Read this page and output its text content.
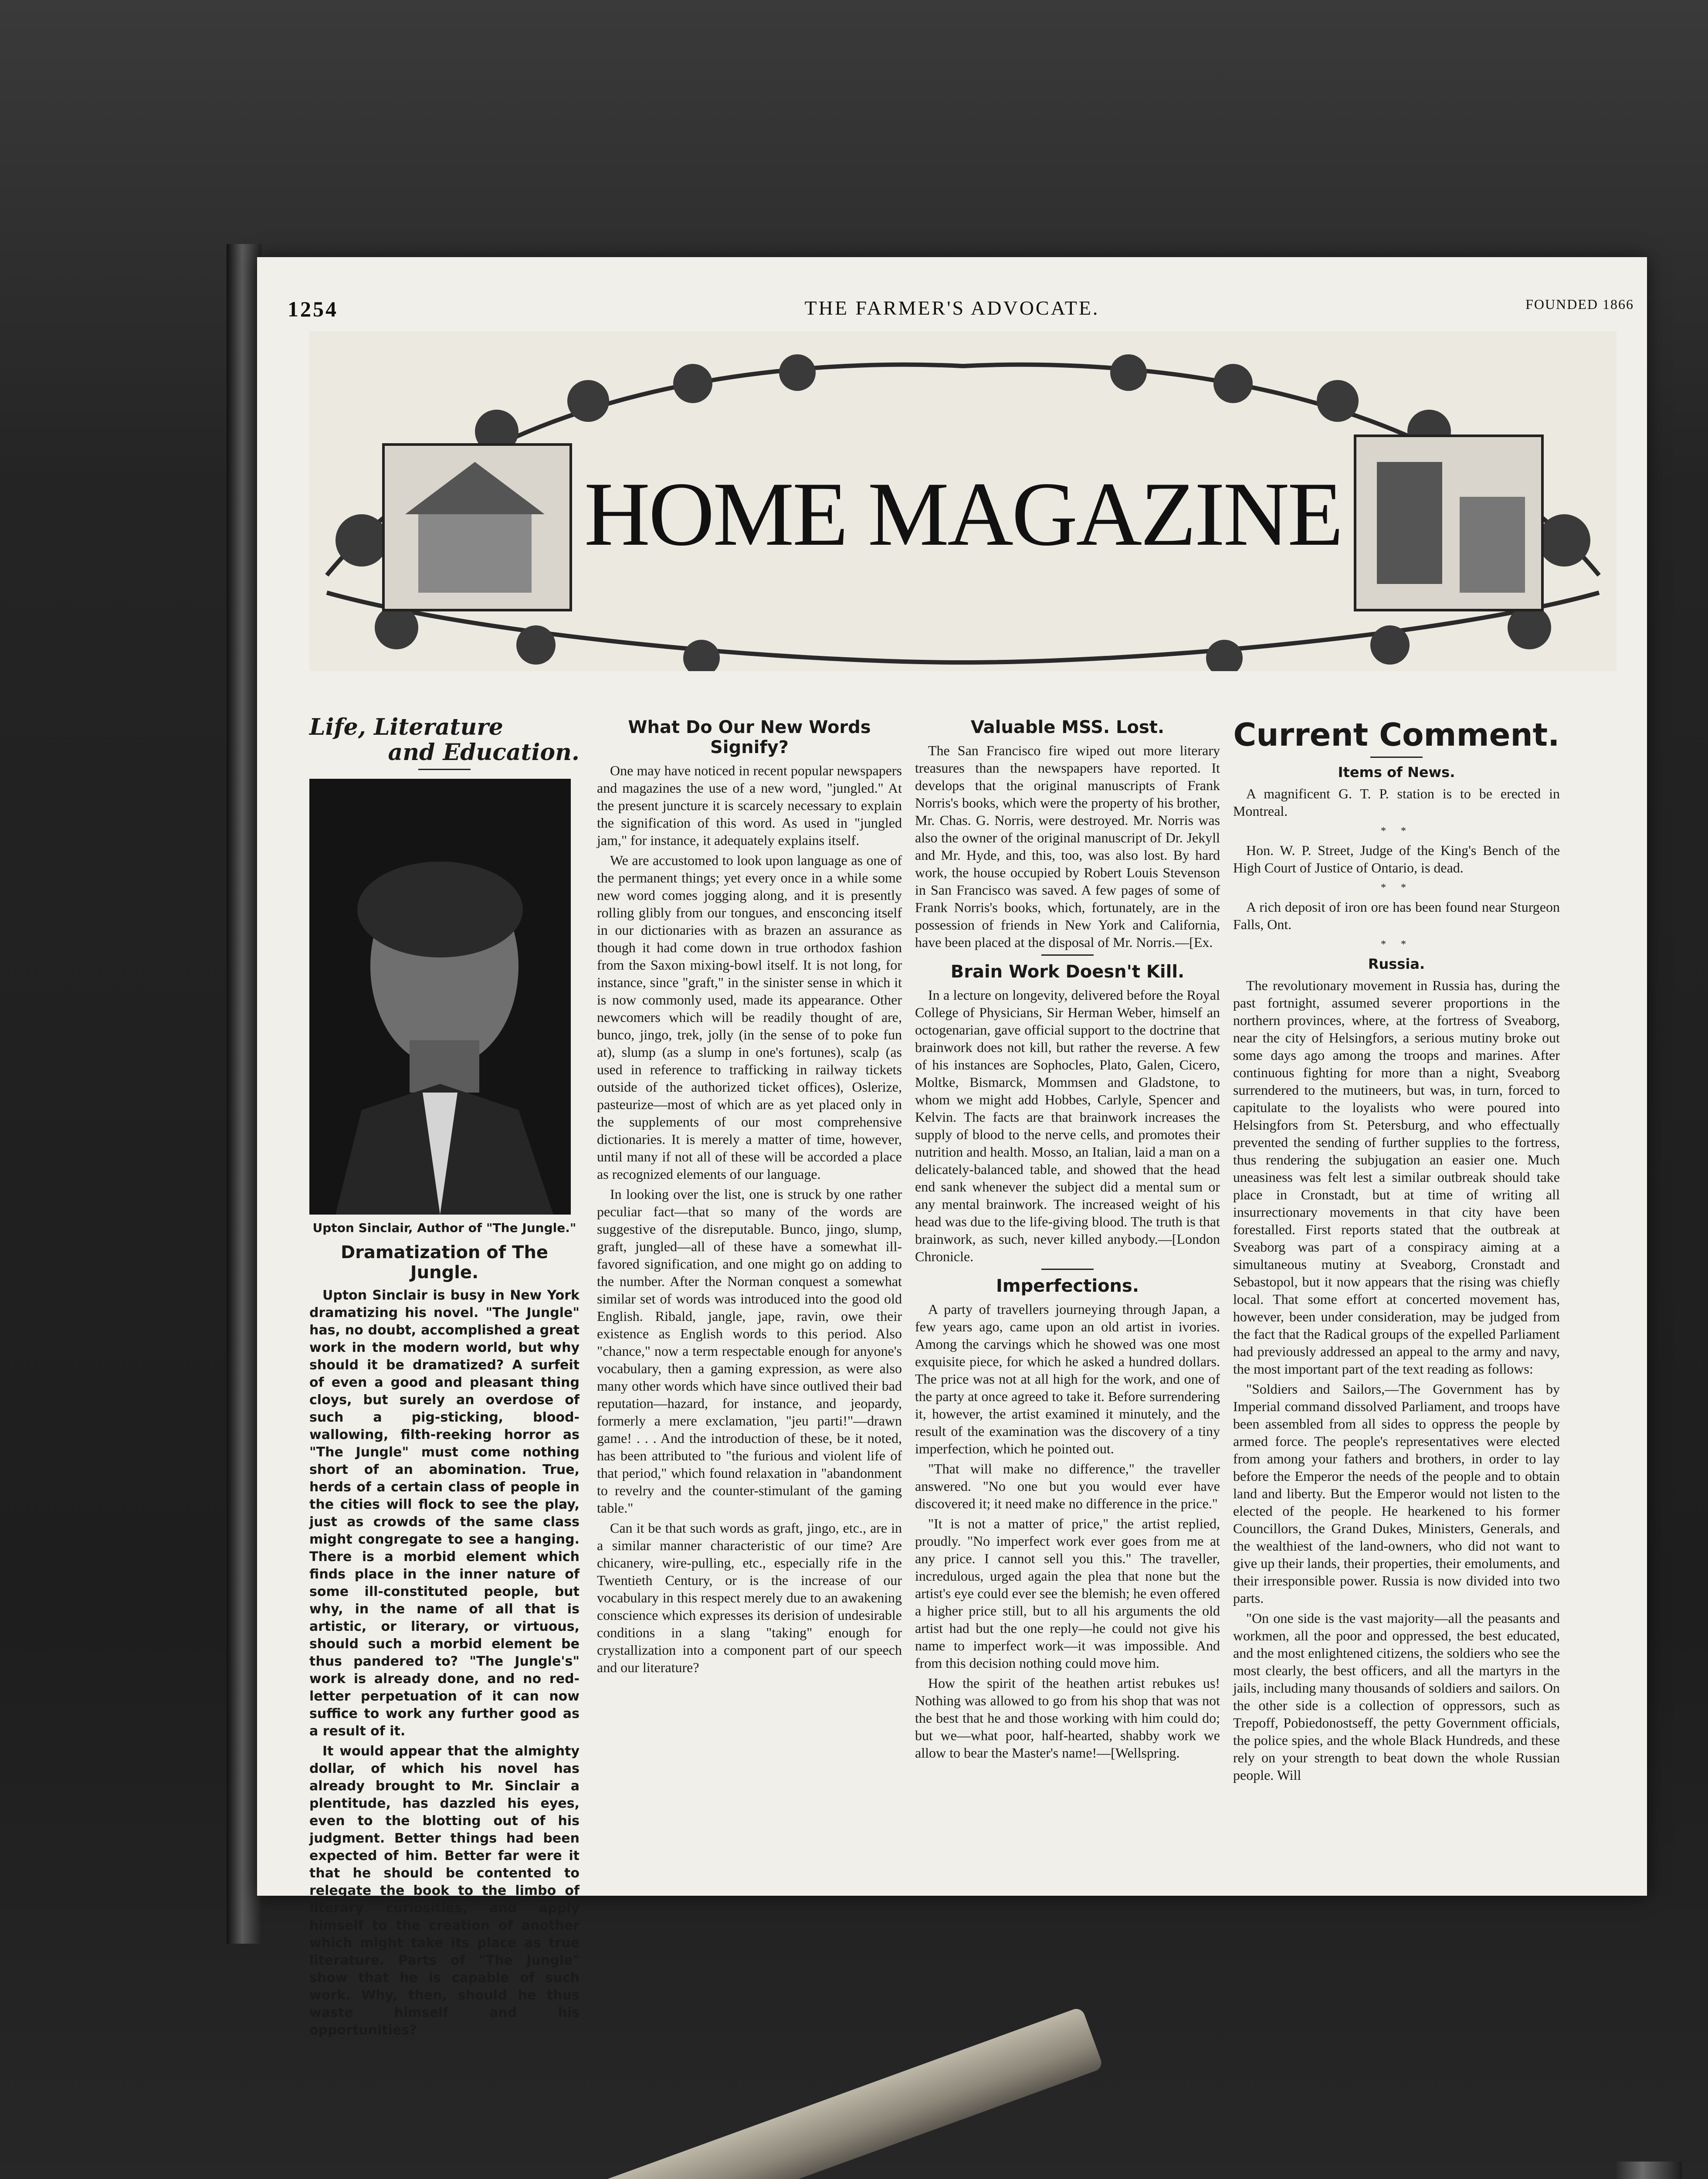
1254	THE FARMER'S ADVOCATE.	FOUNDED 1866
HOME MAGAZINE
Life, Literature
and Education.
Upton Sinclair, Author of "The Jungle."
Dramatization of The Jungle.

Upton Sinclair is busy in New York dramatizing his novel. "The Jungle" has, no doubt, accomplished a great work in the modern world, but why should it be dramatized? A surfeit of even a good and pleasant thing cloys, but surely an overdose of such a pig-sticking, blood-wallowing, filth-reeking horror as "The Jungle" must come nothing short of an abomination. True, herds of a certain class of people in the cities will flock to see the play, just as crowds of the same class might congregate to see a hanging. There is a morbid element which finds place in the inner nature of some ill-constituted people, but why, in the name of all that is artistic, or literary, or virtuous, should such a morbid element be thus pandered to? "The Jungle's" work is already done, and no red-letter perpetuation of it can now suffice to work any further good as a result of it.

It would appear that the almighty dollar, of which his novel has already brought to Mr. Sinclair a plentitude, has dazzled his eyes, even to the blotting out of his judgment. Better things had been expected of him. Better far were it that he should be contented to relegate the book to the limbo of literary curiosities, and apply himself to the creation of another which might take its place as true literature. Parts of "The Jungle" show that he is capable of such work. Why, then, should he thus waste himself and his opportunities?

What Do Our New Words Signify?

One may have noticed in recent popular newspapers and magazines the use of a new word, "jungled." At the present juncture it is scarcely necessary to explain the signification of this word. As used in "jungled jam," for instance, it adequately explains itself.

We are accustomed to look upon language as one of the permanent things; yet every once in a while some new word comes jogging along, and it is presently rolling glibly from our tongues, and ensconcing itself in our dictionaries with as brazen an assurance as though it had come down in true orthodox fashion from the Saxon mixing-bowl itself. It is not long, for instance, since "graft," in the sinister sense in which it is now commonly used, made its appearance. Other newcomers which will be readily thought of are, bunco, jingo, trek, jolly (in the sense of to poke fun at), slump (as a slump in one's fortunes), scalp (as used in reference to trafficking in railway tickets outside of the authorized ticket offices), Oslerize, pasteurize—most of which are as yet placed only in the supplements of our most comprehensive dictionaries. It is merely a matter of time, however, until many if not all of these will be accorded a place as recognized elements of our language.

In looking over the list, one is struck by one rather peculiar fact—that so many of the words are suggestive of the disreputable. Bunco, jingo, slump, graft, jungled—all of these have a somewhat ill-favored signification, and one might go on adding to the number. After the Norman conquest a somewhat similar set of words was introduced into the good old English. Ribald, jangle, jape, ravin, owe their existence as English words to this period. Also "chance," now a term respectable enough for anyone's vocabulary, then a gaming expression, as were also many other words which have since outlived their bad reputation—hazard, for instance, and jeopardy, formerly a mere exclamation, "jeu parti!"—drawn game! . . . And the introduction of these, be it noted, has been attributed to "the furious and violent life of that period," which found relaxation in "abandonment to revelry and the counter-stimulant of the gaming table."

Can it be that such words as graft, jingo, etc., are in a similar manner characteristic of our time? Are chicanery, wire-pulling, etc., especially rife in the Twentieth Century, or is the increase of our vocabulary in this respect merely due to an awakening conscience which expresses its derision of undesirable conditions in a slang "taking" enough for crystallization into a component part of our speech and our literature?

Valuable MSS. Lost.

The San Francisco fire wiped out more literary treasures than the newspapers have reported. It develops that the original manuscripts of Frank Norris's books, which were the property of his brother, Mr. Chas. G. Norris, were destroyed. Mr. Norris was also the owner of the original manuscript of Dr. Jekyll and Mr. Hyde, and this, too, was also lost. By hard work, the house occupied by Robert Louis Stevenson in San Francisco was saved. A few pages of some of Frank Norris's books, which, fortunately, are in the possession of friends in New York and California, have been placed at the disposal of Mr. Norris.—[Ex.

Brain Work Doesn't Kill.

In a lecture on longevity, delivered before the Royal College of Physicians, Sir Herman Weber, himself an octogenarian, gave official support to the doctrine that brainwork does not kill, but rather the reverse. A few of his instances are Sophocles, Plato, Galen, Cicero, Moltke, Bismarck, Mommsen and Gladstone, to whom we might add Hobbes, Carlyle, Spencer and Kelvin. The facts are that brainwork increases the supply of blood to the nerve cells, and promotes their nutrition and health. Mosso, an Italian, laid a man on a delicately-balanced table, and showed that the head end sank whenever the subject did a mental sum or any mental brainwork. The increased weight of his head was due to the life-giving blood. The truth is that brainwork, as such, never killed anybody.—[London Chronicle.

Imperfections.

A party of travellers journeying through Japan, a few years ago, came upon an old artist in ivories. Among the carvings which he showed was one most exquisite piece, for which he asked a hundred dollars. The price was not at all high for the work, and one of the party at once agreed to take it. Before surrendering it, however, the artist examined it minutely, and the result of the examination was the discovery of a tiny imperfection, which he pointed out.

"That will make no difference," the traveller answered. "No one but you would ever have discovered it; it need make no difference in the price."

"It is not a matter of price," the artist replied, proudly. "No imperfect work ever goes from me at any price. I cannot sell you this." The traveller, incredulous, urged again the plea that none but the artist's eye could ever see the blemish; he even offered a higher price still, but to all his arguments the old artist had but the one reply—he could not give his name to imperfect work—it was impossible. And from this decision nothing could move him.

How the spirit of the heathen artist rebukes us! Nothing was allowed to go from his shop that was not the best that he and those working with him could do; but we—what poor, half-hearted, shabby work we allow to bear the Master's name!—[Wellspring.

Current Comment.
Items of News.

A magnificent G. T. P. station is to be erected in Montreal.

* *

Hon. W. P. Street, Judge of the King's Bench of the High Court of Justice of Ontario, is dead.

* *

A rich deposit of iron ore has been found near Sturgeon Falls, Ont.

* *
Russia.

The revolutionary movement in Russia has, during the past fortnight, assumed severer proportions in the northern provinces, where, at the fortress of Sveaborg, near the city of Helsingfors, a serious mutiny broke out some days ago among the troops and marines. After continuous fighting for more than a night, Sveaborg surrendered to the mutineers, but was, in turn, forced to capitulate to the loyalists who were poured into Helsingfors from St. Petersburg, and who effectually prevented the sending of further supplies to the fortress, thus rendering the subjugation an easier one. Much uneasiness was felt lest a similar outbreak should take place in Cronstadt, but at time of writing all insurrectionary movements in that city have been forestalled. First reports stated that the outbreak at Sveaborg was part of a conspiracy aiming at a simultaneous mutiny at Sveaborg, Cronstadt and Sebastopol, but it now appears that the rising was chiefly local. That some effort at concerted movement has, however, been under consideration, may be judged from the fact that the Radical groups of the expelled Parliament had previously addressed an appeal to the army and navy, the most important part of the text reading as follows:

"Soldiers and Sailors,—The Government has by Imperial command dissolved Parliament, and troops have been assembled from all sides to oppress the people by armed force. The people's representatives were elected from among your fathers and brothers, in order to lay before the Emperor the needs of the people and to obtain land and liberty. But the Emperor would not listen to the elected of the people. He hearkened to his former Councillors, the Grand Dukes, Ministers, Generals, and the wealthiest of the land-owners, who did not want to give up their lands, their properties, their emoluments, and their irresponsible power. Russia is now divided into two parts.

"On one side is the vast majority—all the peasants and workmen, all the poor and oppressed, the best educated, and the most enlightened citizens, the soldiers who see the most clearly, the best officers, and all the martyrs in the jails, including many thousands of soldiers and sailors. On the other side is a collection of oppressors, such as Trepoff, Pobiedonostseff, the petty Government officials, the police spies, and the whole Black Hundreds, and these rely on your strength to beat down the whole Russian people. Will
